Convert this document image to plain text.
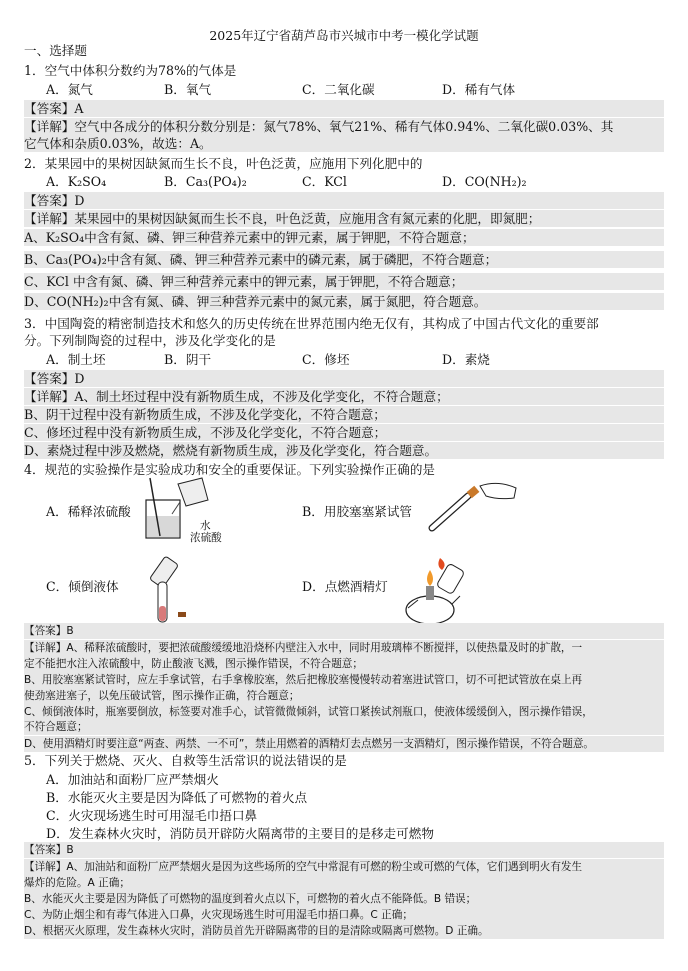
2025年辽宁省葫芦岛市兴城市中考一模化学试题
一、选择题
1．空气中体积分数约为78%的气体是
A．氮气	B．氧气	C．二氧化碳	D．稀有气体
【答案】A
【详解】空气中各成分的体积分数分别是：氮气78%、氧气21%、稀有气体0.94%、二氧化碳0.03%、其
它气体和杂质0.03%，故选：A。
2．某果园中的果树因缺氮而生长不良，叶色泛黄，应施用下列化肥中的
A．K₂SO₄	B．Ca₃(PO₄)₂	C．KCl	D．CO(NH₂)₂
【答案】D
【详解】某果园中的果树因缺氮而生长不良，叶色泛黄，应施用含有氮元素的化肥，即氮肥；
A、K₂SO₄中含有氮、磷、钾三种营养元素中的钾元素，属于钾肥，不符合题意；
B、Ca₃(PO₄)₂中含有氮、磷、钾三种营养元素中的磷元素，属于磷肥，不符合题意；
C、KCl 中含有氮、磷、钾三种营养元素中的钾元素，属于钾肥，不符合题意；
D、CO(NH₂)₂中含有氮、磷、钾三种营养元素中的氮元素，属于氮肥，符合题意。
3．中国陶瓷的精密制造技术和悠久的历史传统在世界范围内绝无仅有，其构成了中国古代文化的重要部
分。下列制陶瓷的过程中，涉及化学变化的是
A．制土坯	B．阴干	C．修坯	D．素烧
【答案】D
【详解】A、制土坯过程中没有新物质生成，不涉及化学变化，不符合题意；
B、阴干过程中没有新物质生成，不涉及化学变化，不符合题意；
C、修坯过程中没有新物质生成，不涉及化学变化，不符合题意；
D、素烧过程中涉及燃烧，燃烧有新物质生成，涉及化学变化，符合题意。
4．规范的实验操作是实验成功和安全的重要保证。下列实验操作正确的是
A．稀释浓硫酸	B．用胶塞塞紧试管
C．倾倒液体	D．点燃酒精灯
水
浓硫酸
【答案】B
【详解】A、稀释浓硫酸时，要把浓硫酸缓缓地沿烧杯内壁注入水中，同时用玻璃棒不断搅拌，以使热量及时的扩散，一
定不能把水注入浓硫酸中，防止酸液飞溅，图示操作错误，不符合题意；
B、用胶塞塞紧试管时，应左手拿试管，右手拿橡胶塞，然后把橡胶塞慢慢转动着塞进试管口，切不可把试管放在桌上再
使劲塞进塞子，以免压破试管，图示操作正确，符合题意；
C、倾倒液体时，瓶塞要倒放，标签要对准手心，试管微微倾斜，试管口紧挨试剂瓶口，使液体缓缓倒入，图示操作错误，
不符合题意；
D、使用酒精灯时要注意“两查、两禁、一不可”，禁止用燃着的酒精灯去点燃另一支酒精灯，图示操作错误，不符合题意。
5．下列关于燃烧、灭火、自救等生活常识的说法错误的是
A．加油站和面粉厂应严禁烟火
B．水能灭火主要是因为降低了可燃物的着火点
C．火灾现场逃生时可用湿毛巾捂口鼻
D．发生森林火灾时，消防员开辟防火隔离带的主要目的是移走可燃物
【答案】B
【详解】A、加油站和面粉厂应严禁烟火是因为这些场所的空气中常混有可燃的粉尘或可燃的气体，它们遇到明火有发生
爆炸的危险。A 正确；
B、水能灭火主要是因为降低了可燃物的温度到着火点以下，可燃物的着火点不能降低。B 错误；
C、为防止烟尘和有毒气体进入口鼻，火灾现场逃生时可用湿毛巾捂口鼻。C 正确；
D、根据灭火原理，发生森林火灾时，消防员首先开辟隔离带的目的是清除或隔离可燃物。D 正确。
